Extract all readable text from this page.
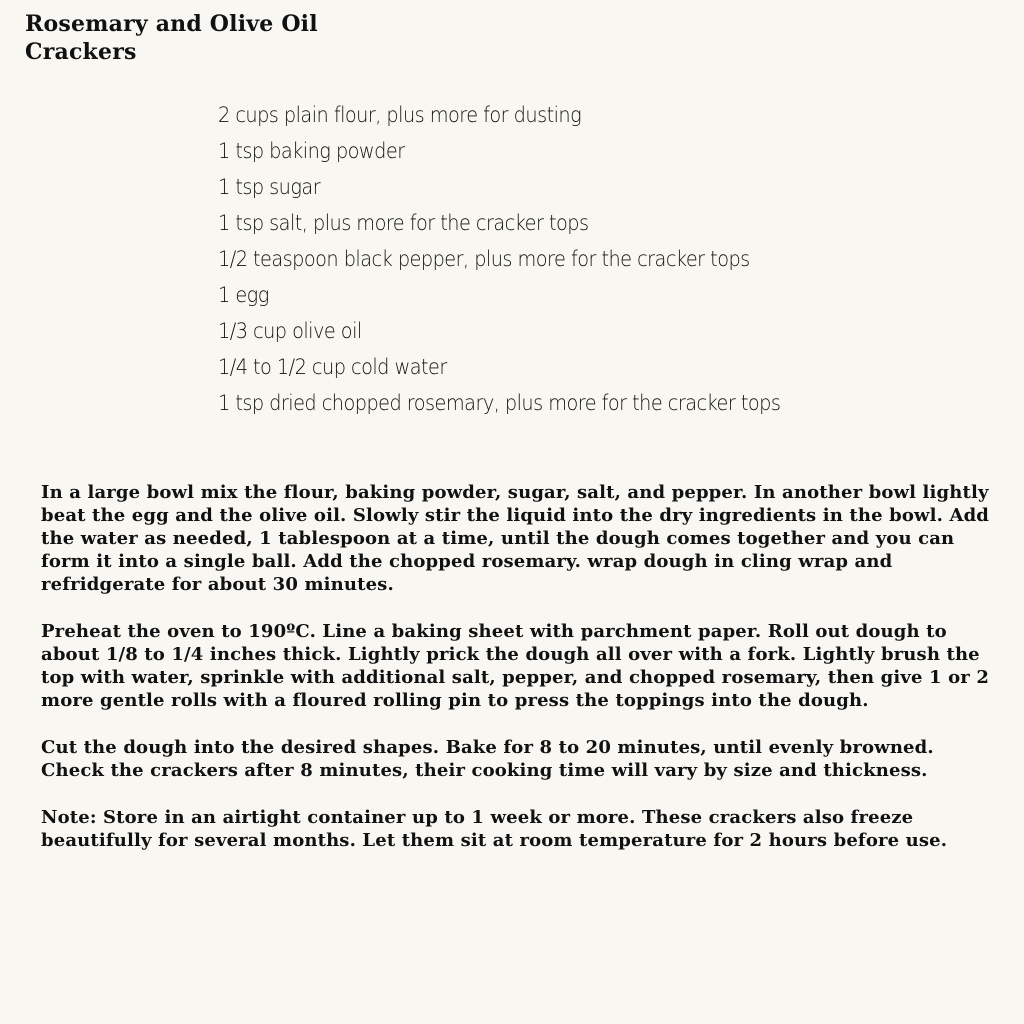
Rosemary and Olive Oil
Crackers
2 cups plain flour, plus more for dusting
1 tsp baking powder
1 tsp sugar
1 tsp salt, plus more for the cracker tops
1/2 teaspoon black pepper, plus more for the cracker tops
1 egg
1/3 cup olive oil
1/4 to 1/2 cup cold water
1 tsp dried chopped rosemary, plus more for the cracker tops

In a large bowl mix the flour, baking powder, sugar, salt, and pepper. In another bowl lightly beat the egg and the olive oil. Slowly stir the liquid into the dry ingredients in the bowl. Add the water as needed, 1 tablespoon at a time, until the dough comes together and you can form it into a single ball. Add the chopped rosemary. wrap dough in cling wrap and refridgerate for about 30 minutes.

Preheat the oven to 190ºC. Line a baking sheet with parchment paper. Roll out dough to about 1/8 to 1/4 inches thick. Lightly prick the dough all over with a fork. Lightly brush the top with water, sprinkle with additional salt, pepper, and chopped rosemary, then give 1 or 2 more gentle rolls with a floured rolling pin to press the toppings into the dough.

Cut the dough into the desired shapes. Bake for 8 to 20 minutes, until evenly browned. Check the crackers after 8 minutes, their cooking time will vary by size and thickness.

Note: Store in an airtight container up to 1 week or more. These crackers also freeze beautifully for several months. Let them sit at room temperature for 2 hours before use.
